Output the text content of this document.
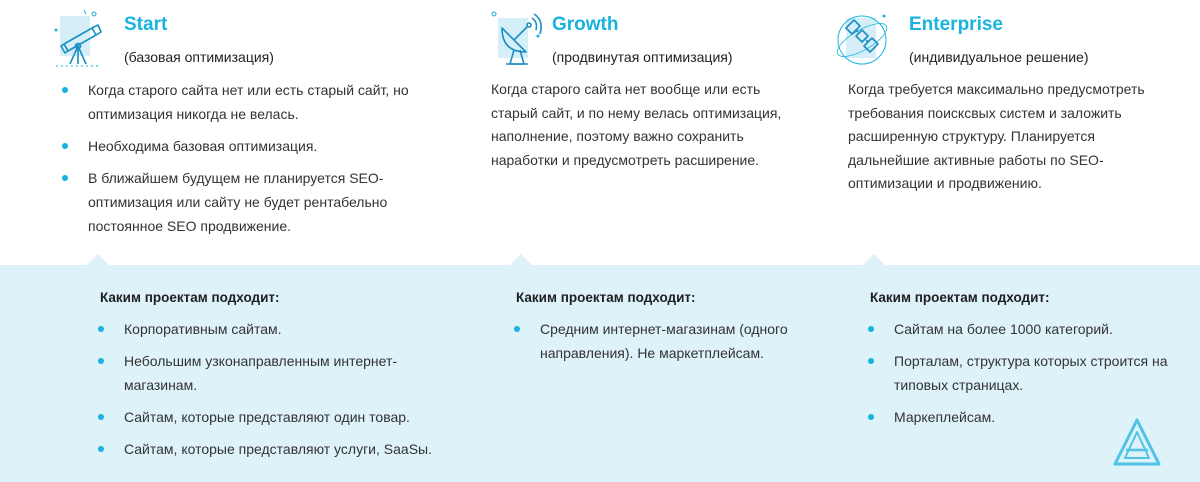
Start
(базовая оптимизация)
Когда старого сайта нет или есть старый сайт, но оптимизация никогда не велась.
Необходима базовая оптимизация.
В ближайшем будущем не планируется SEO-оптимизация или сайту не будет рентабельно постоянное SEO продвижение.
Growth
(продвинутая оптимизация)

Когда старого сайта нет вообще или есть старый сайт, и по нему велась оптимизация, наполнение, поэтому важно сохранить наработки и предусмотреть расширение.

Enterprise
(индивидуальное решение)

Когда требуется максимально предусмотреть требования поисксвых систем и заложить расширенную структуру. Планируется дальнейшие активные работы по SEO-оптимизации и продвижению.

Каким проектам подходит:
Корпоративным сайтам.
Небольшим узконаправленным интернет-магазинам.
Сайтам, которые представляют один товар.
Сайтам, которые представляют услуги, SaaSы.
Каким проектам подходит:
Средним интернет-магазинам (одного направления). Не маркетплейсам.
Каким проектам подходит:
Сайтам на более 1000 категорий.
Порталам, структура которых строится на типовых страницах.
Маркеплейсам.
